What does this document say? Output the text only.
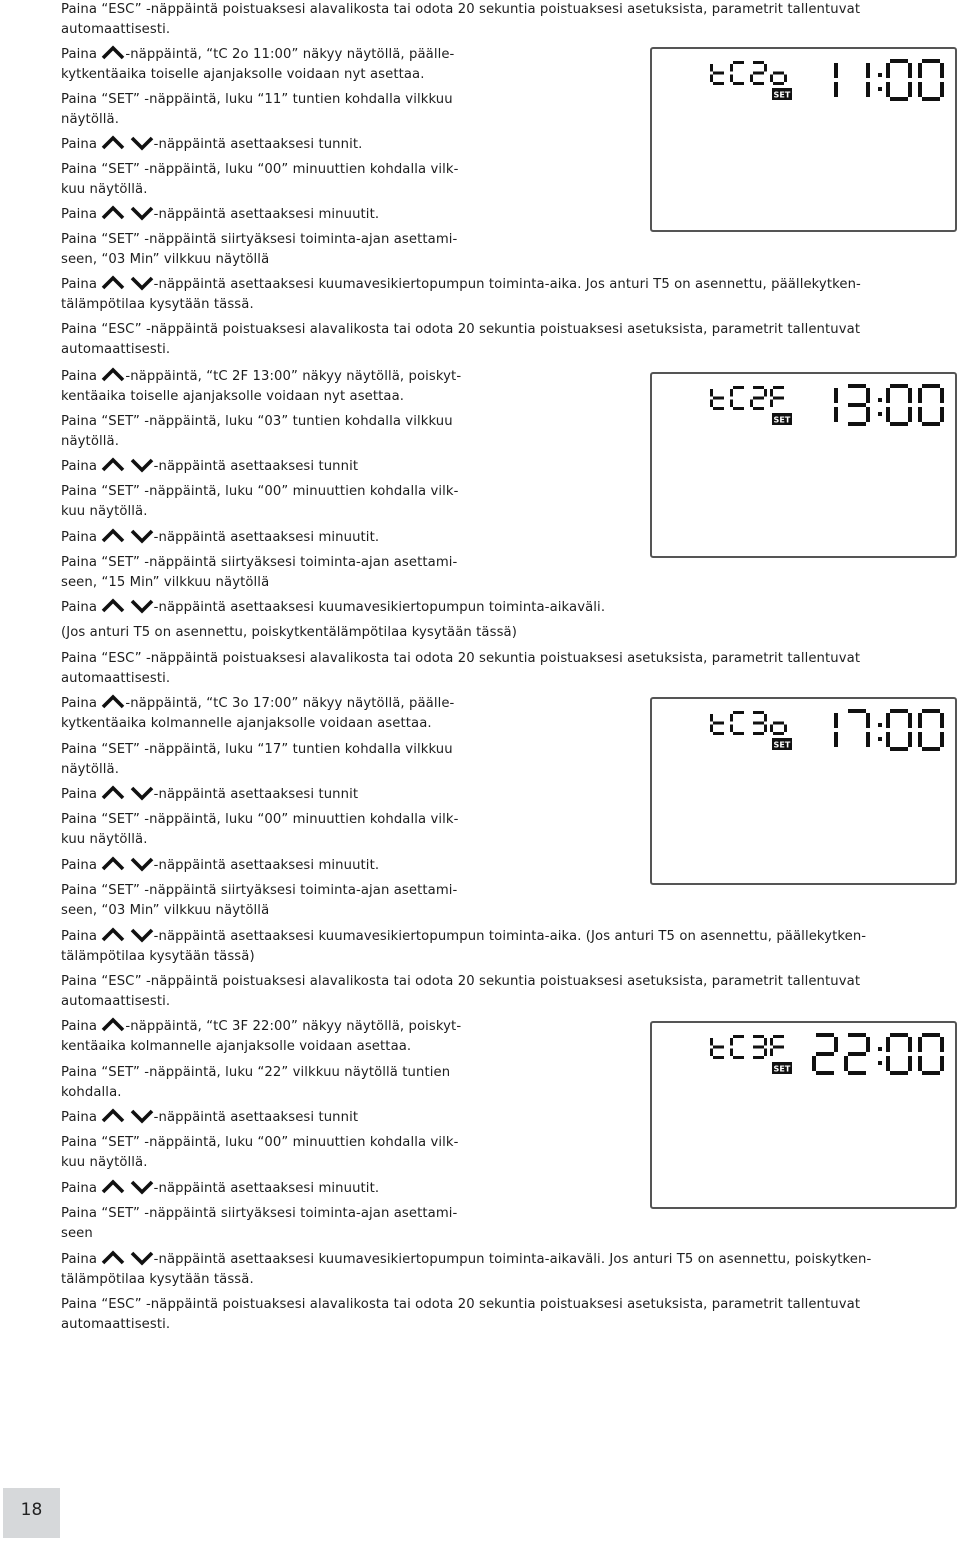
Paina “ESC” -näppäintä poistuaksesi alavalikosta tai odota 20 sekuntia poistuaksesi asetuksista, parametrit tallentuvat

automaattisesti.

Paina -näppäintä, “tC 2o 11:00” näkyy näytöllä, päälle-

kytkentäaika toiselle ajanjaksolle voidaan nyt asettaa.

Paina “SET” -näppäintä, luku “11” tuntien kohdalla vilkkuu

näytöllä.

Paina
	-näppäintä asettaaksesi tunnit.

Paina “SET” -näppäintä, luku “00” minuuttien kohdalla vilk-

kuu näytöllä.

Paina
	-näppäintä asettaaksesi minuutit.

Paina “SET” -näppäintä siirtyäksesi toiminta-ajan asettami-

seen, “03 Min” vilkkuu näytöllä

Paina
	-näppäintä asettaaksesi kuumavesikiertopumpun toiminta-aika. Jos anturi T5 on asennettu, päällekytken-

tälämpötilaa kysytään tässä.

Paina “ESC” -näppäintä poistuaksesi alavalikosta tai odota 20 sekuntia poistuaksesi asetuksista, parametrit tallentuvat

automaattisesti.

SET

Paina -näppäintä, “tC 2F 13:00” näkyy näytöllä, poiskyt-

kentäaika toiselle ajanjaksolle voidaan nyt asettaa.

Paina “SET” -näppäintä, luku “03” tuntien kohdalla vilkkuu

näytöllä.

Paina
	-näppäintä asettaaksesi tunnit

Paina “SET” -näppäintä, luku “00” minuuttien kohdalla vilk-

kuu näytöllä.

Paina
	-näppäintä asettaaksesi minuutit.

Paina “SET” -näppäintä siirtyäksesi toiminta-ajan asettami-

seen, “15 Min” vilkkuu näytöllä

Paina
	-näppäintä asettaaksesi kuumavesikiertopumpun toiminta-aikaväli.

(Jos anturi T5 on asennettu, poiskytkentälämpötilaa kysytään tässä)

Paina “ESC” -näppäintä poistuaksesi alavalikosta tai odota 20 sekuntia poistuaksesi asetuksista, parametrit tallentuvat

automaattisesti.

SET

Paina -näppäintä, “tC 3o 17:00” näkyy näytöllä, päälle-

kytkentäaika kolmannelle ajanjaksolle voidaan asettaa.

Paina “SET” -näppäintä, luku “17” tuntien kohdalla vilkkuu

näytöllä.

Paina
	-näppäintä asettaaksesi tunnit

Paina “SET” -näppäintä, luku “00” minuuttien kohdalla vilk-

kuu näytöllä.

Paina
	-näppäintä asettaaksesi minuutit.

Paina “SET” -näppäintä siirtyäksesi toiminta-ajan asettami-

seen, “03 Min” vilkkuu näytöllä

Paina
	-näppäintä asettaaksesi kuumavesikiertopumpun toiminta-aika. (Jos anturi T5 on asennettu, päällekytken-

tälämpötilaa kysytään tässä)

Paina “ESC” -näppäintä poistuaksesi alavalikosta tai odota 20 sekuntia poistuaksesi asetuksista, parametrit tallentuvat

automaattisesti.

SET

Paina -näppäintä, “tC 3F 22:00” näkyy näytöllä, poiskyt-

kentäaika kolmannelle ajanjaksolle voidaan asettaa.

Paina “SET” -näppäintä, luku “22” vilkkuu näytöllä tuntien

kohdalla.

Paina
	-näppäintä asettaaksesi tunnit

Paina “SET” -näppäintä, luku “00” minuuttien kohdalla vilk-

kuu näytöllä.

Paina
	-näppäintä asettaaksesi minuutit.

Paina “SET” -näppäintä siirtyäksesi toiminta-ajan asettami-

seen

Paina
	-näppäintä asettaaksesi kuumavesikiertopumpun toiminta-aikaväli. Jos anturi T5 on asennettu, poiskytken-

tälämpötilaa kysytään tässä.

Paina “ESC” -näppäintä poistuaksesi alavalikosta tai odota 20 sekuntia poistuaksesi asetuksista, parametrit tallentuvat

automaattisesti.

SET
18
